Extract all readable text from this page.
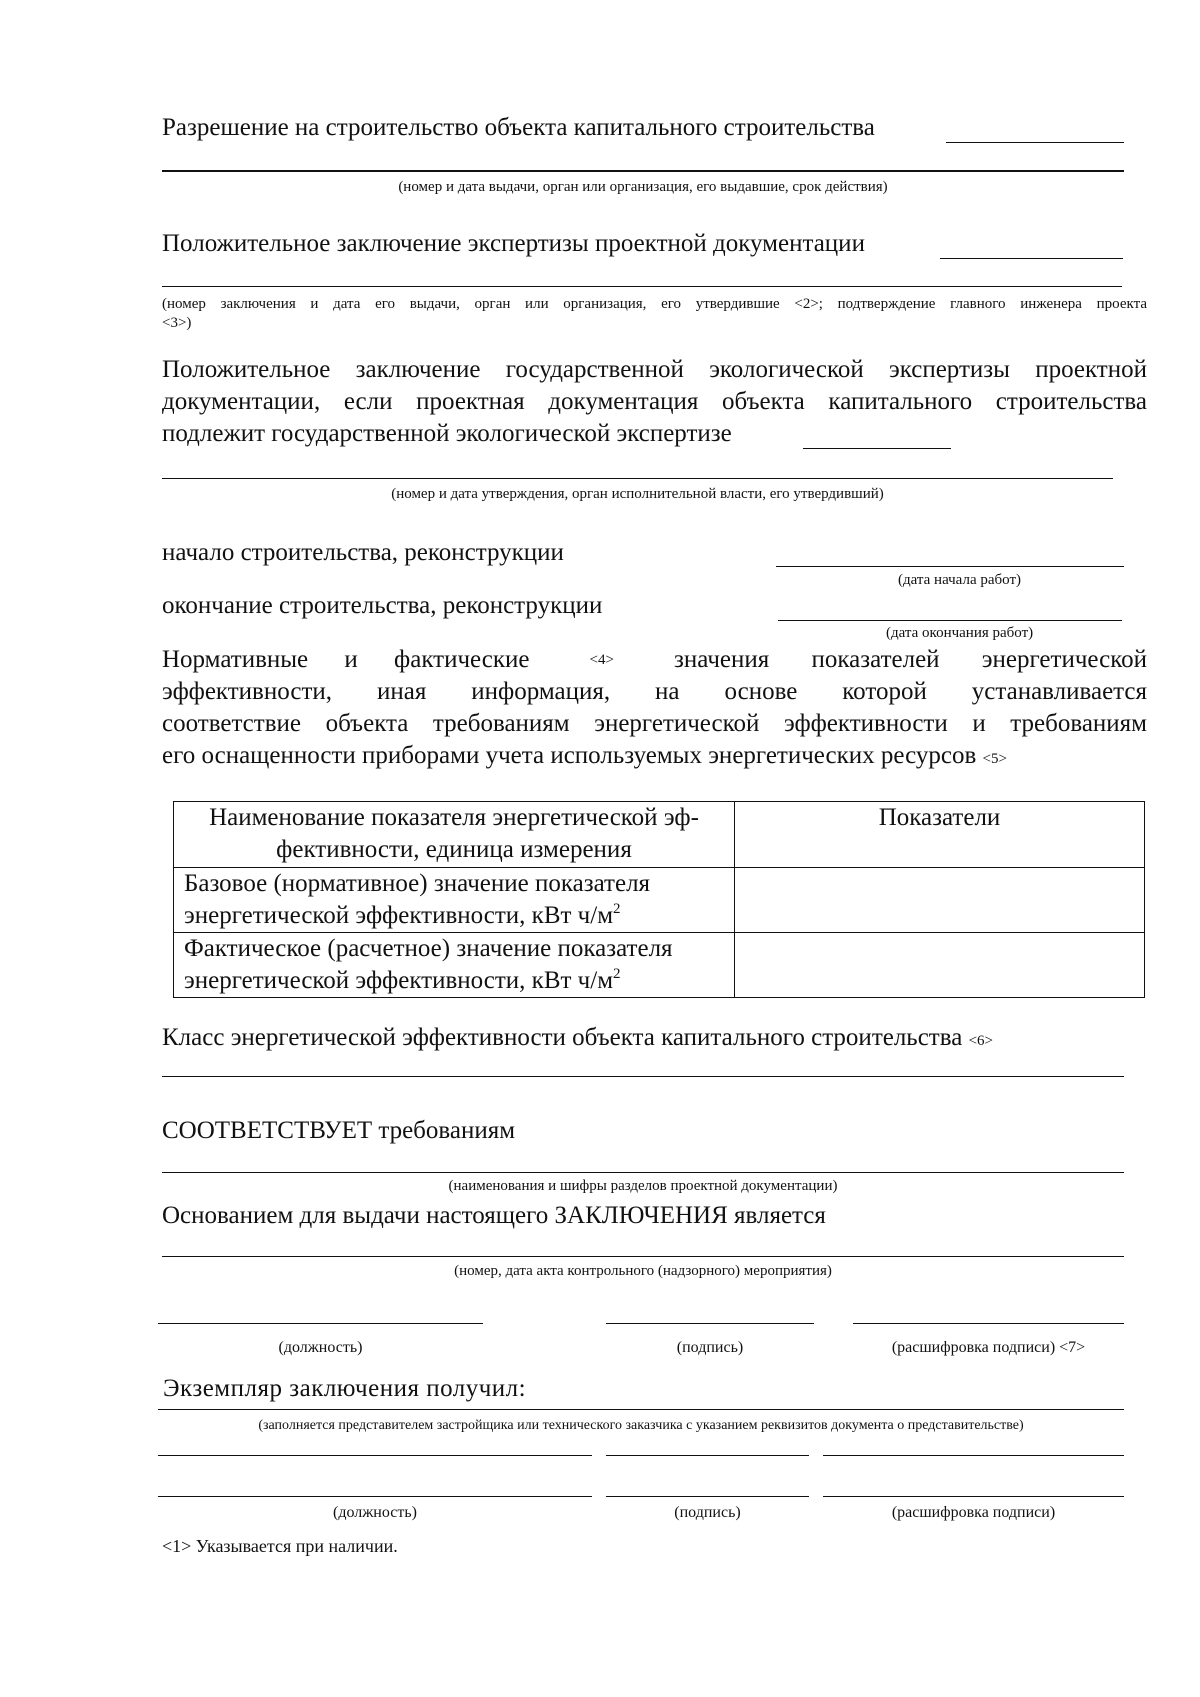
Разрешение на строительство объекта капитального строительства
(номер и дата выдачи, орган или организация, его выдавшие, срок действия)
Положительное заключение экспертизы проектной документации
(номер заключения и дата его выдачи, орган или организация, его утвердившие <2>; подтверждение главного инженера проекта
<3>)
Положительное заключение государственной экологической экспертизы проектной
документации, если проектная документация объекта капитального строительства
подлежит государственной экологической экспертизе
(номер и дата утверждения, орган исполнительной власти, его утвердивший)
начало строительства, реконструкции
(дата начала работ)
окончание строительства, реконструкции
(дата окончания работ)
Нормативные и фактические	<4> значения показателей энергетической
эффективности, иная информация, на основе которой устанавливается
соответствие объекта требованиям энергетической эффективности и требованиям
его оснащенности приборами учета используемых энергетических ресурсов <5>
Наименование показателя энергетической эф-
фективности, единица измерения	Показатели

Базовое (нормативное) значение показателя
энергетической эффективности, кВт $ч/м^2$

Фактическое (расчетное) значение показателя
энергетической эффективности, кВт $ч/м^2$

Класс энергетической эффективности объекта капитального строительства <6>
СООТВЕТСТВУЕТ требованиям
(наименования и шифры разделов проектной документации)
Основанием для выдачи настоящего ЗАКЛЮЧЕНИЯ является
(номер, дата акта контрольного (надзорного) мероприятия)
(должность)	(подпись)	(расшифровка подписи) <7>
Экземпляр заключения получил:
(заполняется представителем застройщика или технического заказчика с указанием реквизитов документа о представительстве)
(должность)	(подпись)	(расшифровка подписи)
<1> Указывается при наличии.
